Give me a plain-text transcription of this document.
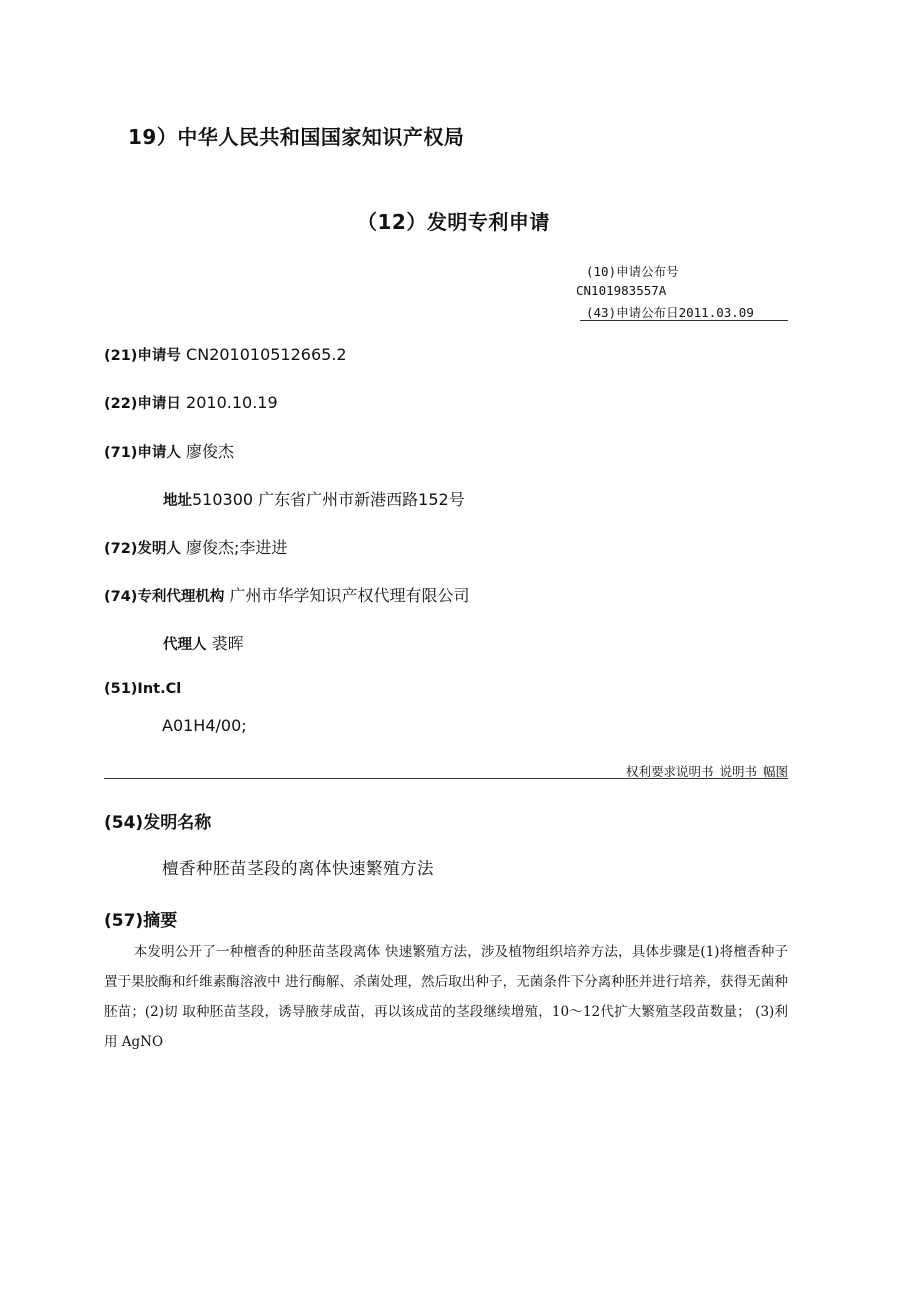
19）中华人民共和国国家知识产权局
（12）发明专利申请
(10)申请公布号
CN101983557A
(43)申请公布日2011.03.09
(21)申请号 CN201010512665.2
(22)申请日 2010.10.19
(71)申请人 廖俊杰
地址510300 广东省广州市新港西路152号
(72)发明人 廖俊杰;李进进
(74)专利代理机构 广州市华学知识产权代理有限公司
代理人 裘晖
(51)Int.Cl
A01H4/00;
权利要求说明书 说明书 幅图
(54)发明名称
檀香种胚苗茎段的离体快速繁殖方法
(57)摘要

本发明公开了一种檀香的种胚苗茎段离体 快速繁殖方法，涉及植物组织培养方法，具体步骤是(1)将檀香种子置于果胶酶和纤维素酶溶液中 进行酶解、杀菌处理，然后取出种子，无菌条件下分离种胚并进行培养，获得无菌种胚苗；(2)切 取种胚苗茎段，诱导腋芽成苗，再以该成苗的茎段继续增殖，10～12代扩大繁殖茎段苗数量； (3)利用 AgNO
